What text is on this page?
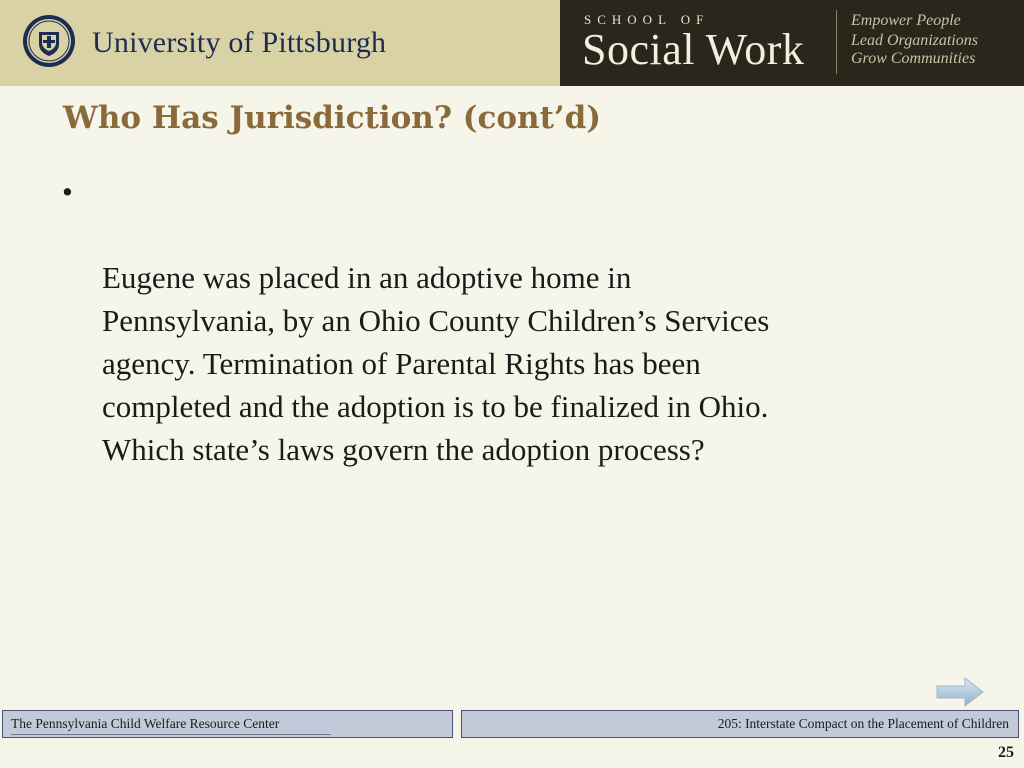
University of Pittsburgh
SCHOOL OF
Social Work
Empower People
Lead Organizations
Grow Communities
Who Has Jurisdiction? (cont’d)

•

Eugene was placed in an adoptive home in
Pennsylvania, by an Ohio County Children’s Services
agency. Termination of Parental Rights has been
completed and the adoption is to be finalized in Ohio.
Which state’s laws govern the adoption process?

The Pennsylvania Child Welfare Resource Center	205: Interstate Compact on the Placement of Children
25
